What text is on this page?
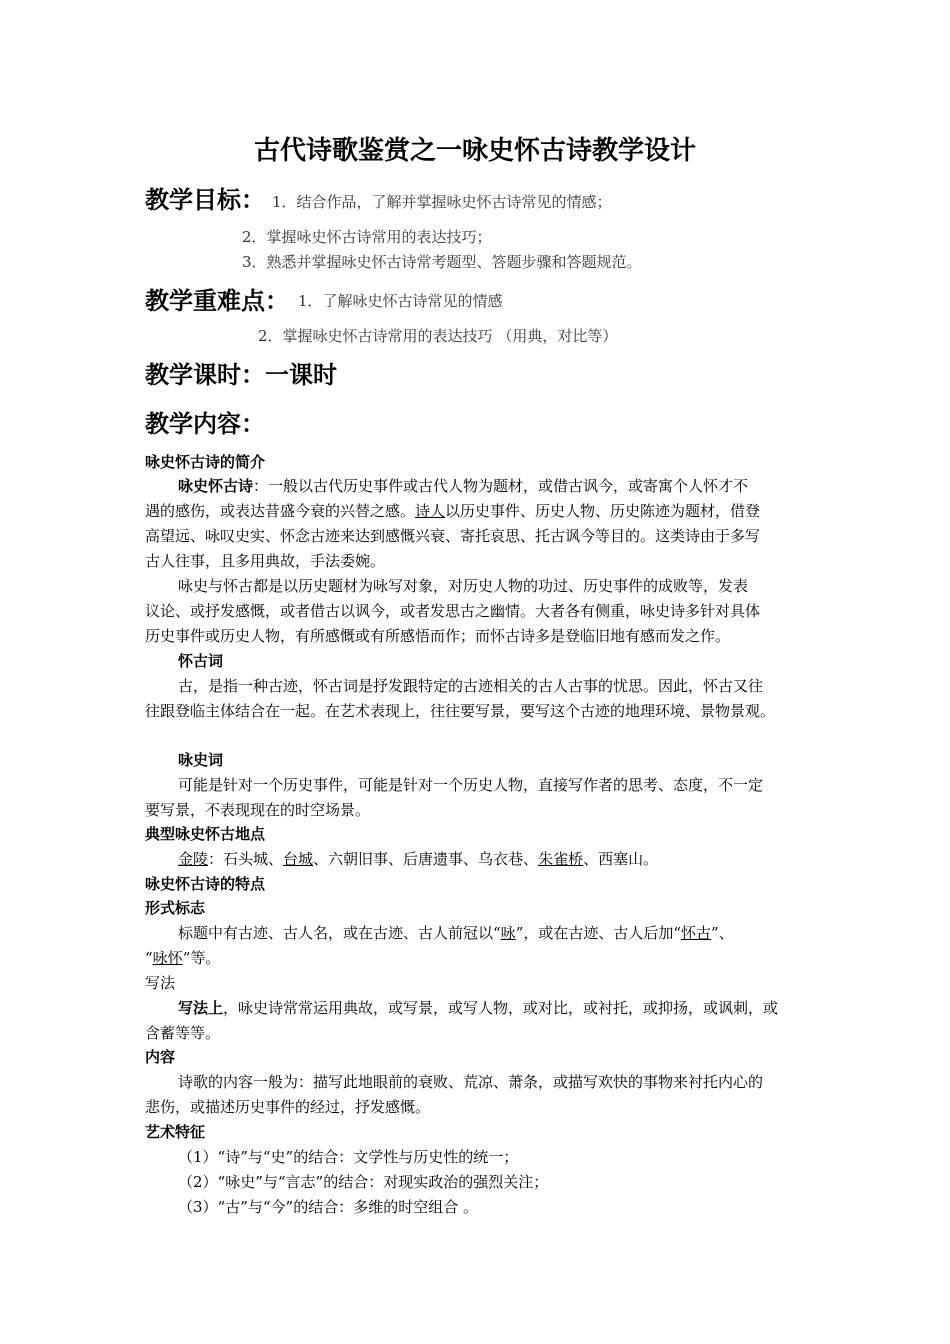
古代诗歌鉴赏之一咏史怀古诗教学设计
教学目标： 1．结合作品，了解并掌握咏史怀古诗常见的情感；
2．掌握咏史怀古诗常用的表达技巧；
3．熟悉并掌握咏史怀古诗常考题型、答题步骤和答题规范。
教学重难点： 1．了解咏史怀古诗常见的情感
2．掌握咏史怀古诗常用的表达技巧 （用典，对比等）
教学课时：一课时
教学内容：
咏史怀古诗的简介
咏史怀古诗：一般以古代历史事件或古代人物为题材，或借古讽今，或寄寓个人怀才不
遇的感伤，或表达昔盛今衰的兴替之感。诗人以历史事件、历史人物、历史陈迹为题材，借登
高望远、咏叹史实、怀念古迹来达到感慨兴衰、寄托哀思、托古讽今等目的。这类诗由于多写
古人往事，且多用典故，手法委婉。
咏史与怀古都是以历史题材为咏写对象，对历史人物的功过、历史事件的成败等，发表
议论、或抒发感慨，或者借古以讽今，或者发思古之幽情。大者各有侧重，咏史诗多针对具体
历史事件或历史人物，有所感慨或有所感悟而作；而怀古诗多是登临旧地有感而发之作。
怀古词
古，是指一种古迹，怀古词是抒发跟特定的古迹相关的古人古事的忧思。因此，怀古又往
往跟登临主体结合在一起。在艺术表现上，往往要写景，要写这个古迹的地理环境、景物景观。
咏史词
可能是针对一个历史事件，可能是针对一个历史人物，直接写作者的思考、态度，不一定
要写景，不表现现在的时空场景。
典型咏史怀古地点
金陵：石头城、台城、六朝旧事、后唐遗事、乌衣巷、朱雀桥、西塞山。
咏史怀古诗的特点
形式标志
标题中有古迹、古人名，或在古迹、古人前冠以“咏”，或在古迹、古人后加“怀古”、
“咏怀”等。
写法
写法上，咏史诗常常运用典故，或写景，或写人物，或对比，或衬托，或抑扬，或讽刺，或
含蓄等等。
内容
诗歌的内容一般为：描写此地眼前的衰败、荒凉、萧条，或描写欢快的事物来衬托内心的
悲伤，或描述历史事件的经过，抒发感慨。
艺术特征
（1）“诗”与“史”的结合：文学性与历史性的统一；
（2）“咏史”与“言志”的结合：对现实政治的强烈关注；
（3）“古”与“今”的结合：多维的时空组合 。
